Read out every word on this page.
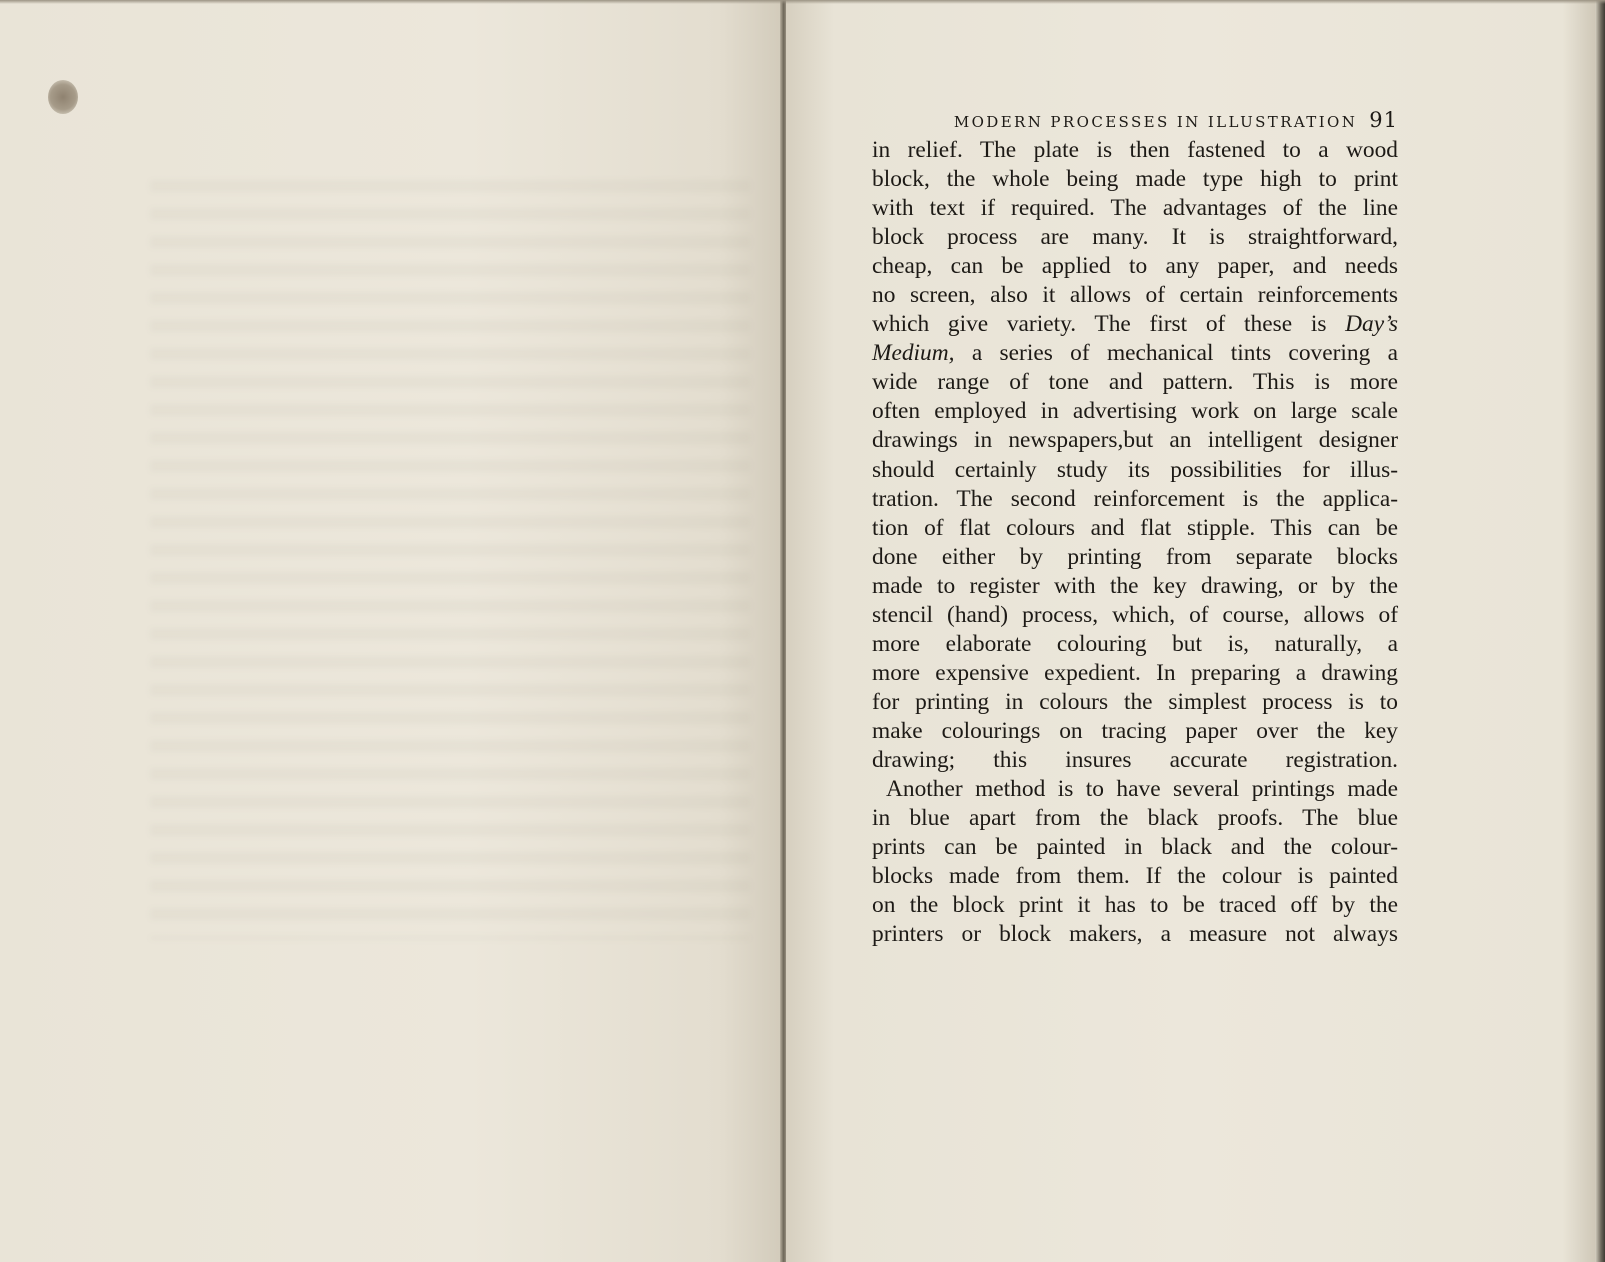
MODERN PROCESSES IN ILLUSTRATION 91

in relief. The plate is then fastened to a wood
block, the whole being made type high to print
with text if required. The advantages of the line
block process are many. It is straightforward,
cheap, can be applied to any paper, and needs
no screen, also it allows of certain reinforcements
which give variety. The first of these is Day’s
Medium, a series of mechanical tints covering a
wide range of tone and pattern. This is more
often employed in advertising work on large scale
drawings in newspapers,but an intelligent designer
should certainly study its possibilities for illus-
tration. The second reinforcement is the applica-
tion of flat colours and flat stipple. This can be
done either by printing from separate blocks
made to register with the key drawing, or by the
stencil (hand) process, which, of course, allows of
more elaborate colouring but is, naturally, a
more expensive expedient. In preparing a drawing
for printing in colours the simplest process is to
make colourings on tracing paper over the key
drawing; this insures accurate registration.

Another method is to have several printings made
in blue apart from the black proofs. The blue
prints can be painted in black and the colour-
blocks made from them. If the colour is painted
on the block print it has to be traced off by the
printers or block makers, a measure not always
